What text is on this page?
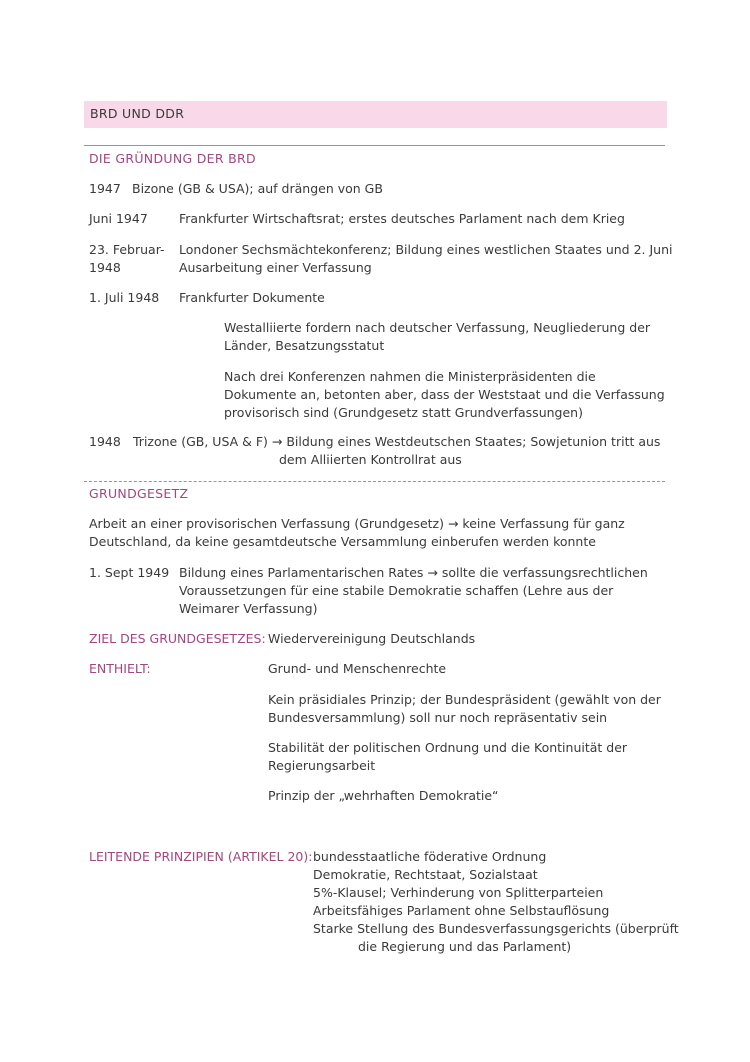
BRD UND DDR
DIE GRÜNDUNG DER BRD
1947 Bizone (GB & USA); auf drängen von GB
Juni 1947 Frankfurter Wirtschaftsrat; erstes deutsches Parlament nach dem Krieg
23. Februar-
1948
Londoner Sechsmächtekonferenz; Bildung eines westlichen Staates und 2. Juni
Ausarbeitung einer Verfassung
1. Juli 1948 Frankfurter Dokumente
Westalliierte fordern nach deutscher Verfassung, Neugliederung der
Länder, Besatzungsstatut
Nach drei Konferenzen nahmen die Ministerpräsidenten die
Dokumente an, betonten aber, dass der Weststaat und die Verfassung
provisorisch sind (Grundgesetz statt Grundverfassungen)
1948 Trizone (GB, USA & F) → Bildung eines Westdeutschen Staates; Sowjetunion tritt aus
dem Alliierten Kontrollrat aus
GRUNDGESETZ
Arbeit an einer provisorischen Verfassung (Grundgesetz) → keine Verfassung für ganz
Deutschland, da keine gesamtdeutsche Versammlung einberufen werden konnte
1. Sept 1949 Bildung eines Parlamentarischen Rates → sollte die verfassungsrechtlichen
Voraussetzungen für eine stabile Demokratie schaffen (Lehre aus der
Weimarer Verfassung)
ZIEL DES GRUNDGESETZES: Wiedervereinigung Deutschlands
ENTHIELT:	Grund- und Menschenrechte
Kein präsidiales Prinzip; der Bundespräsident (gewählt von der
Bundesversammlung) soll nur noch repräsentativ sein
Stabilität der politischen Ordnung und die Kontinuität der
Regierungsarbeit
Prinzip der „wehrhaften Demokratie“
LEITENDE PRINZIPIEN (ARTIKEL 20): bundesstaatliche föderative Ordnung
Demokratie, Rechtstaat, Sozialstaat
5%-Klausel; Verhinderung von Splitterparteien
Arbeitsfähiges Parlament ohne Selbstauflösung
Starke Stellung des Bundesverfassungsgerichts (überprüft
die Regierung und das Parlament)
